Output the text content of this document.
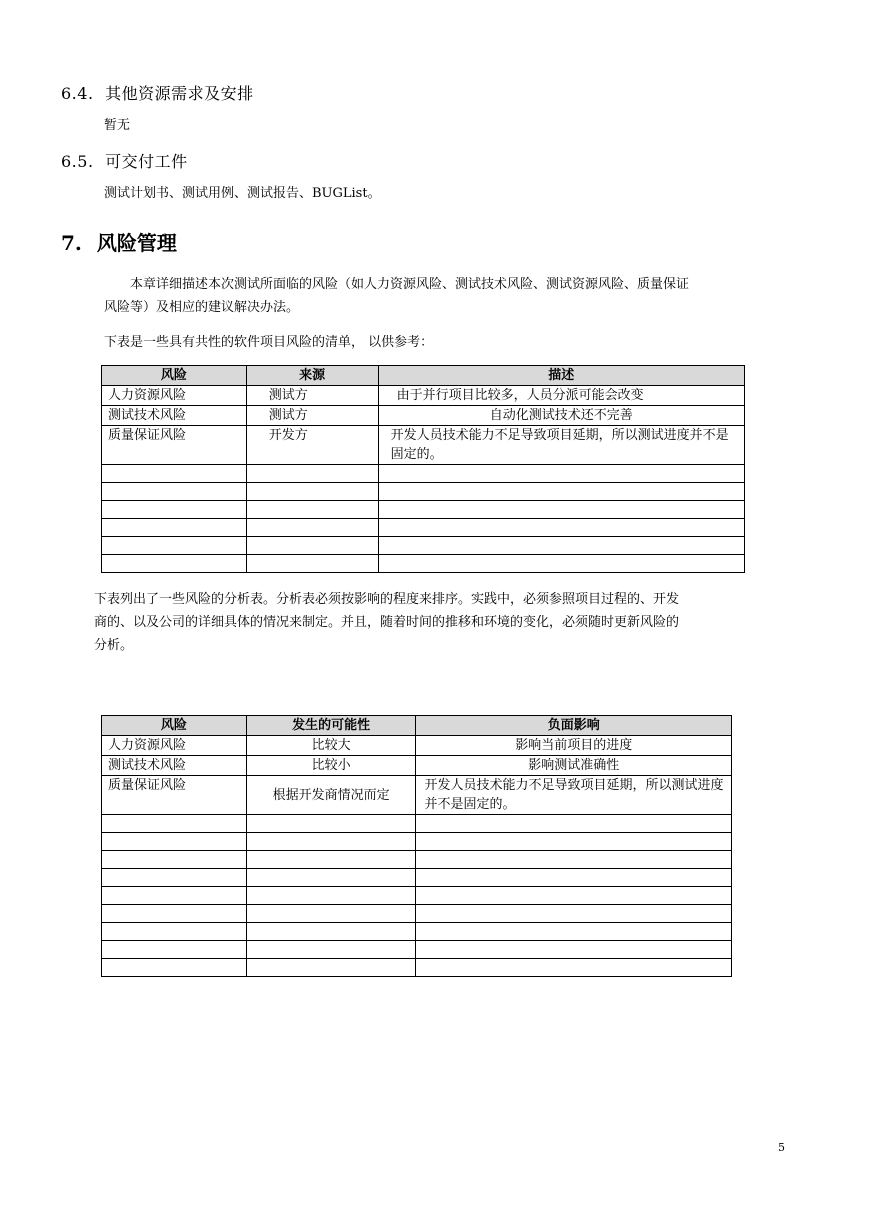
6.4. 其他资源需求及安排
暂无
6.5. 可交付工件
测试计划书、测试用例、测试报告、BUGList。
7. 风险管理
本章详细描述本次测试所面临的风险（如人力资源风险、测试技术风险、测试资源风险、质量保证
风险等）及相应的建议解决办法。
下表是一些具有共性的软件项目风险的清单， 以供参考：
风险	来源	描述
人力资源风险	测试方	由于并行项目比较多，人员分派可能会改变
测试技术风险	测试方	自动化测试技术还不完善
质量保证风险	开发方	开发人员技术能力不足导致项目延期，所以测试进度并不是固定的。

下表列出了一些风险的分析表。分析表必须按影响的程度来排序。实践中，必须参照项目过程的、开发
商的、以及公司的详细具体的情况来制定。并且，随着时间的推移和环境的变化，必须随时更新风险的
分析。
风险	发生的可能性	负面影响
人力资源风险	比较大	影响当前项目的进度
测试技术风险	比较小	影响测试准确性
质量保证风险	根据开发商情况而定	开发人员技术能力不足导致项目延期，所以测试进度并不是固定的。

5
